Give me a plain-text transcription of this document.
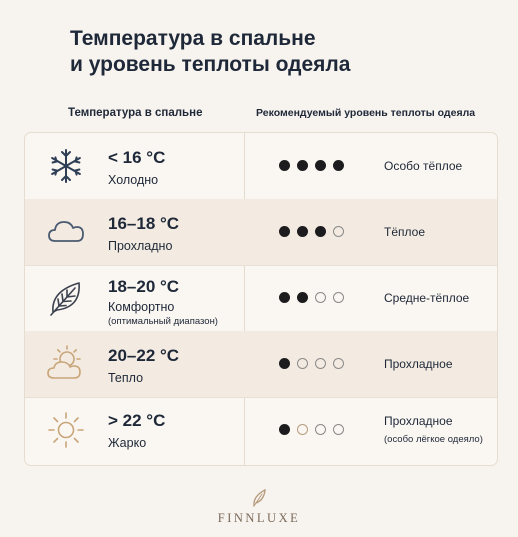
Температура в спальне
и уровень теплоты одеяла
Температура в спальне	Рекомендуемый уровень теплоты одеяла
< 16 °C
Холодно
Особо тёплое
16–18 °C
Прохладно
Тёплое
18–20 °C
Комфортно
(оптимальный диапазон)
Средне-тёплое
20–22 °C
Тепло
Прохладное
> 22 °C
Жарко
Прохладное
(особо лёгкое одеяло)
FINNLUXE
